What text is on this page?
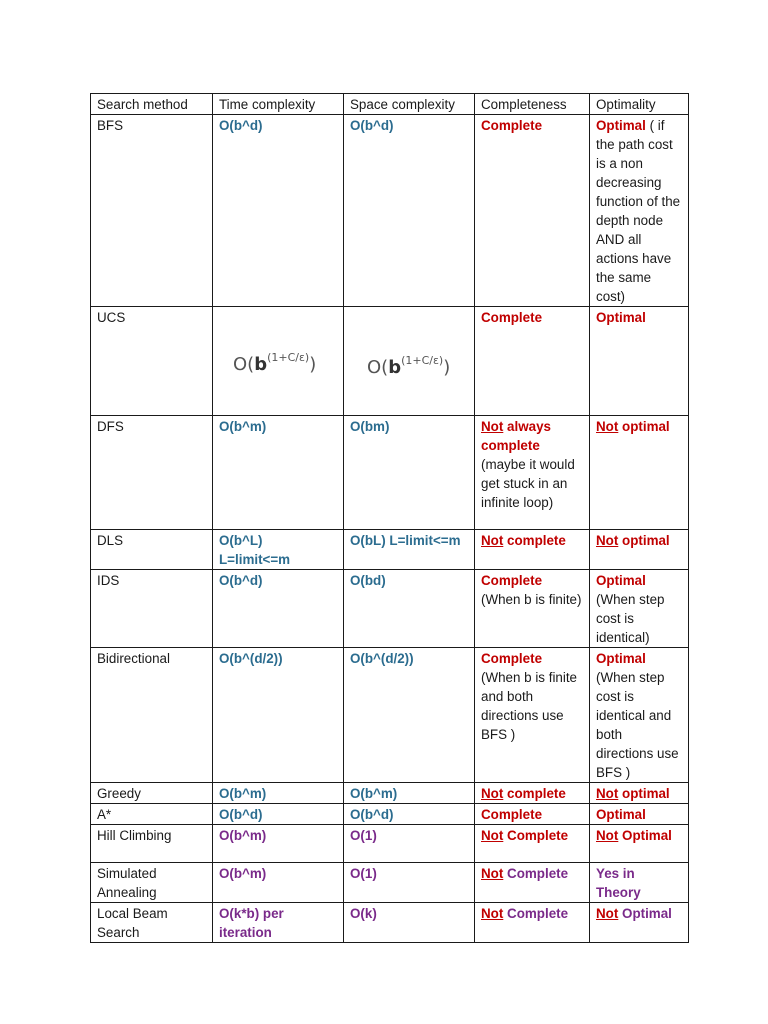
Search method	Time complexity	Space complexity	Completeness	Optimality
BFS	O(b^d)	O(b^d)	Complete	Optimal ( if the path cost is a non decreasing function of the depth node AND all actions have the same cost)
UCS	$O(b^{(1+C/\varepsilon)})$	$O(b^{(1+C/\varepsilon)})$	Complete	Optimal
DFS	O(b^m)	O(bm)	Not always complete (maybe it would get stuck in an infinite loop)	Not optimal
DLS	O(b^L) L=limit<=m	O(bL) L=limit<=m	Not complete	Not optimal
IDS	O(b^d)	O(bd)	Complete (When b is finite)	Optimal (When step cost is identical)
Bidirectional	O(b^(d/2))	O(b^(d/2))	Complete (When b is finite and both directions use BFS )	Optimal (When step cost is identical and both directions use BFS )
Greedy	O(b^m)	O(b^m)	Not complete	Not optimal
A*	O(b^d)	O(b^d)	Complete	Optimal
Hill Climbing	O(b^m)	O(1)	Not Complete	Not Optimal
Simulated Annealing	O(b^m)	O(1)	Not Complete	Yes in Theory
Local Beam Search	O(k*b) per iteration	O(k)	Not Complete	Not Optimal
